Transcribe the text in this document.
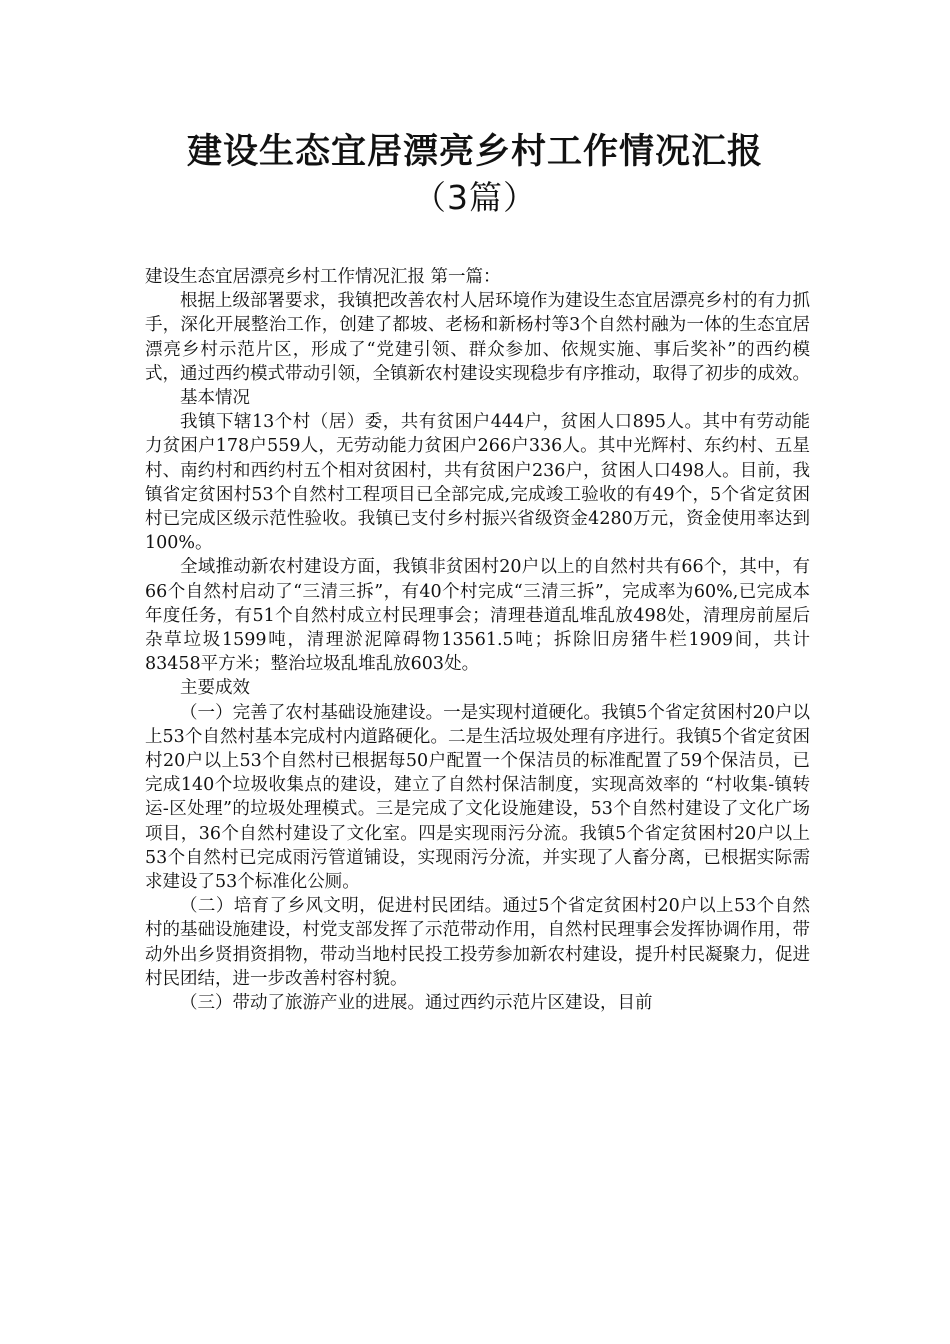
建设生态宜居漂亮乡村工作情况汇报
（3篇）

建设生态宜居漂亮乡村工作情况汇报 第一篇：

根据上级部署要求，我镇把改善农村人居环境作为建设生态宜居漂亮乡村的有力抓手，深化开展整治工作，创建了都坡、老杨和新杨村等3个自然村融为一体的生态宜居漂亮乡村示范片区，形成了“党建引领、群众参加、依规实施、事后奖补”的西约模式，通过西约模式带动引领，全镇新农村建设实现稳步有序推动，取得了初步的成效。

基本情况

我镇下辖13个村（居）委，共有贫困户444户，贫困人口895人。其中有劳动能力贫困户178户559人，无劳动能力贫困户266户336人。其中光辉村、东约村、五星村、南约村和西约村五个相对贫困村，共有贫困户236户，贫困人口498人。目前，我镇省定贫困村53个自然村工程项目已全部完成,完成竣工验收的有49个，5个省定贫困村已完成区级示范性验收。我镇已支付乡村振兴省级资金4280万元，资金使用率达到100%。

全域推动新农村建设方面，我镇非贫困村20户以上的自然村共有66个，其中，有66个自然村启动了“三清三拆”，有40个村完成“三清三拆”，完成率为60%,已完成本年度任务，有51个自然村成立村民理事会；清理巷道乱堆乱放498处，清理房前屋后杂草垃圾1599吨，清理淤泥障碍物13561.5吨；拆除旧房猪牛栏1909间，共计83458平方米；整治垃圾乱堆乱放603处。

主要成效

（一）完善了农村基础设施建设。一是实现村道硬化。我镇5个省定贫困村20户以上53个自然村基本完成村内道路硬化。二是生活垃圾处理有序进行。我镇5个省定贫困村20户以上53个自然村已根据每50户配置一个保洁员的标准配置了59个保洁员，已完成140个垃圾收集点的建设，建立了自然村保洁制度，实现高效率的 “村收集-镇转运-区处理”的垃圾处理模式。三是完成了文化设施建设，53个自然村建设了文化广场项目，36个自然村建设了文化室。四是实现雨污分流。我镇5个省定贫困村20户以上53个自然村已完成雨污管道铺设，实现雨污分流，并实现了人畜分离，已根据实际需求建设了53个标准化公厕。

（二）培育了乡风文明，促进村民团结。通过5个省定贫困村20户以上53个自然村的基础设施建设，村党支部发挥了示范带动作用，自然村民理事会发挥协调作用，带动外出乡贤捐资捐物，带动当地村民投工投劳参加新农村建设，提升村民凝聚力，促进村民团结，进一步改善村容村貌。

（三）带动了旅游产业的进展。通过西约示范片区建设，目前
